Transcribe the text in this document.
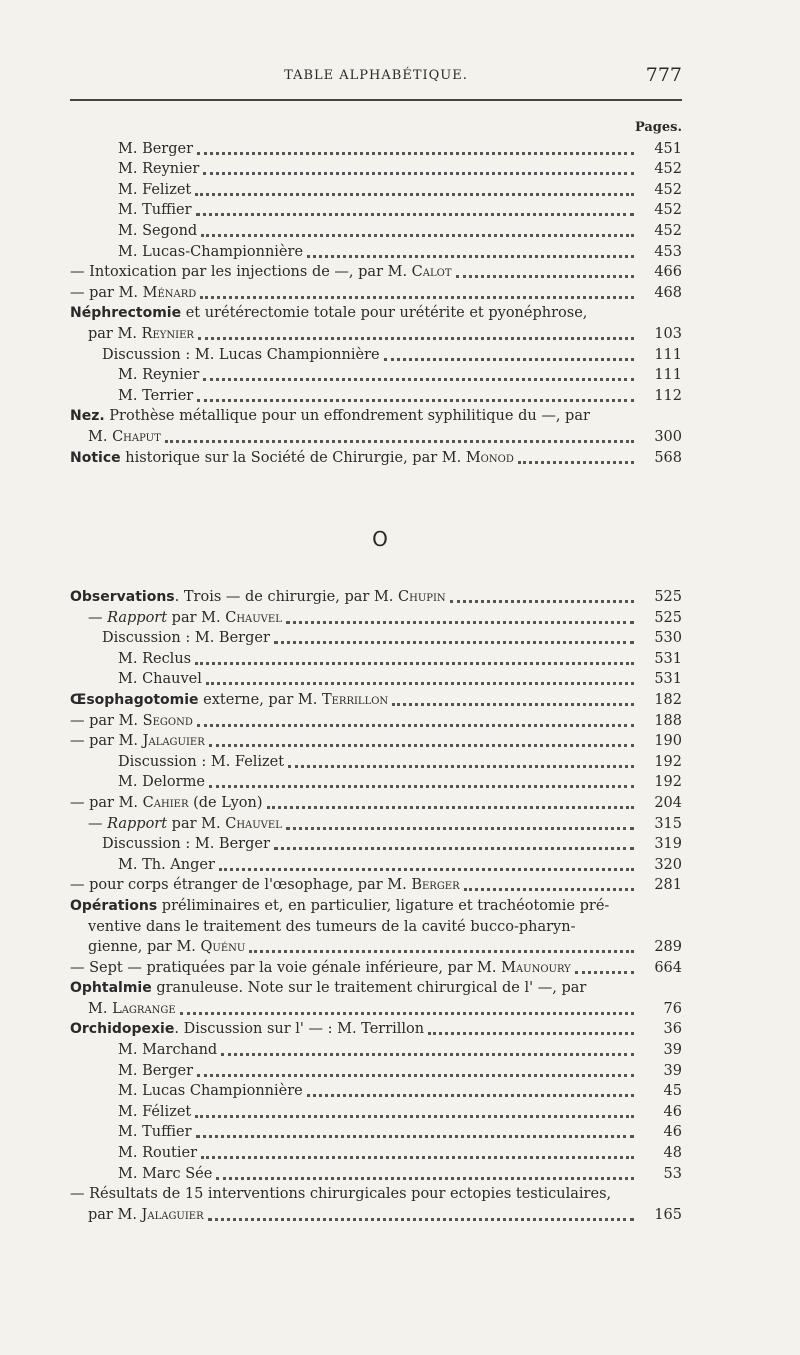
TABLE ALPHABÉTIQUE.	777
Pages.
M. Berger	451
M. Reynier	452
M. Felizet	452
M. Tuffier	452
M. Segond	452
M. Lucas-Championnière	453
— Intoxication par les injections de —, par M. Calot	466
— par M. Ménard	468
Néphrectomie et urétérectomie totale pour urétérite et pyonéphrose,
par M. Reynier	103
Discussion : M. Lucas Championnière	111
M. Reynier	111
M. Terrier	112
Nez. Prothèse métallique pour un effondrement syphilitique du —, par
M. Chaput	300
Notice historique sur la Société de Chirurgie, par M. Monod	568
O
Observations. Trois — de chirurgie, par M. Chupin	525
— Rapport par M. Chauvel	525
Discussion : M. Berger	530
M. Reclus	531
M. Chauvel	531
Œsophagotomie externe, par M. Terrillon	182
— par M. Segond	188
— par M. Jalaguier	190
Discussion : M. Felizet	192
M. Delorme	192
— par M. Cahier (de Lyon)	204
— Rapport par M. Chauvel	315
Discussion : M. Berger	319
M. Th. Anger	320
— pour corps étranger de l'œsophage, par M. Berger	281
Opérations préliminaires et, en particulier, ligature et trachéotomie pré-
ventive dans le traitement des tumeurs de la cavité bucco-pharyn-
gienne, par M. Quénu	289
— Sept — pratiquées par la voie génale inférieure, par M. Maunoury	664
Ophtalmie granuleuse. Note sur le traitement chirurgical de l' —, par
M. Lagrange	76
Orchidopexie. Discussion sur l' — : M. Terrillon	36
M. Marchand	39
M. Berger	39
M. Lucas Championnière	45
M. Félizet	46
M. Tuffier	46
M. Routier	48
M. Marc Sée	53
— Résultats de 15 interventions chirurgicales pour ectopies testiculaires,
par M. Jalaguier	165
